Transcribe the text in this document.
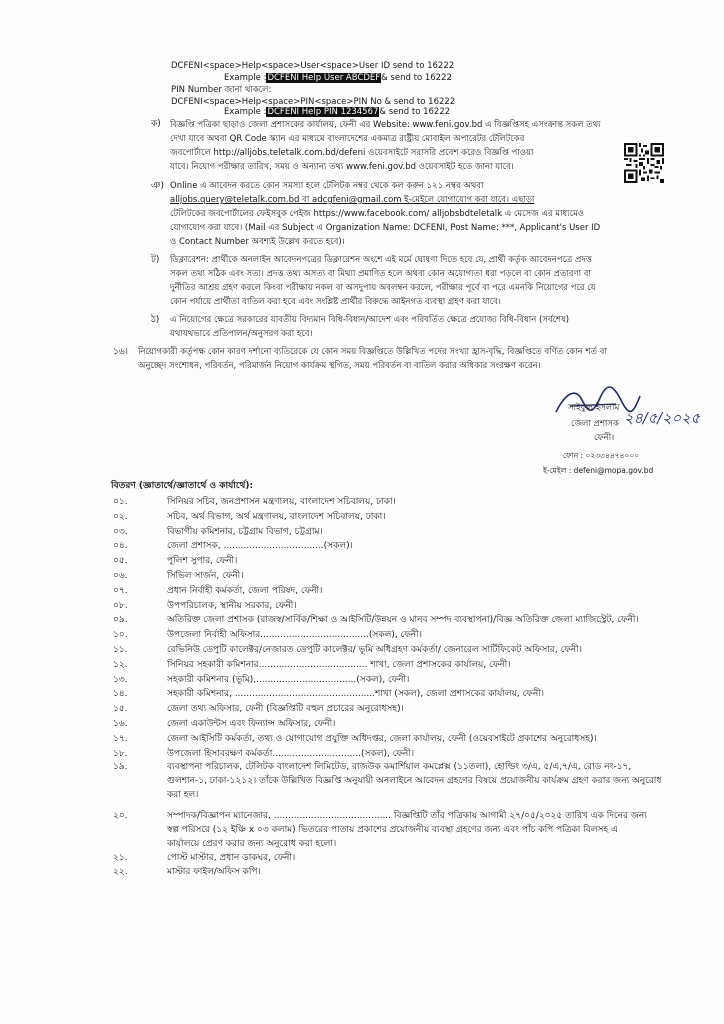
DCFENI<space>Help<space>User<space>User ID send to 16222
Example :DCFENI Help User ABCDEF& send to 16222
PIN Number জানা থাকলে:
DCFENI<space>Help<space>PIN<space>PIN No & send to 16222
Example :DCFENI Help PIN 1234567& send to 16222
ক) বিজ্ঞপ্তি পত্রিকা ছাড়াও জেলা প্রশাসকের কার্যালয়, ফেনী এর Website: www.feni.gov.bd এ বিজ্ঞপ্তিসহ এসংক্রান্ত সকল তথ্য
দেখা যাবে অথবা QR Code স্ক্যান এর মাধ্যমে বাংলাদেশের একমাত্র রাষ্ট্রীয় মোবাইল অপারেটর টেলিটকের
জবপোর্টালে http://alljobs.teletalk.com.bd/defeni ওয়েবসাইটে সরাসরি প্রবেশ করেও বিজ্ঞপ্তি পাওয়া
যাবে। নিয়োগ পরীক্ষার তারিখ, সময় ও অন্যান্য তথ্য www.feni.gov.bd ওয়েবসাইট হতে জানা যাবে।
ঞ) Online এ আবেদন করতে কোন সমস্যা হলে টেলিটক নম্বর থেকে কল করুন ১২১ নম্বর অথবা
alljobs.query@teletalk.com.bd বা adcgfeni@gmail.com ই-মেইলে যোগাযোগ করা যাবে। এছাড়া
টেলিটকের জবপোর্টালের ফেইসবুক পেইজ https://www.facebook.com/ alljobsbdteletalk এ মেসেজ এর মাধ্যমেও
যোগাযোগ করা যাবে। (Mail এর Subject এ Organization Name: DCFENI, Post Name: ***, Applicant's User ID
ও Contact Number অবশ্যই উল্লেখ করতে হবে)।
ট) ডিক্লারেশন: প্রার্থীকে অনলাইন আবেদনপত্রের ডিক্লারেশন অংশে এই মর্মে ঘোষণা দিতে হবে যে, প্রার্থী কর্তৃক আবেদনপত্রে প্রদত্ত
সকল তথ্য সঠিক এবং সত্য। প্রদত্ত তথ্য অসত্য বা মিথ্যা প্রমাণিত হলে অথবা কোন অযোগ্যতা ধরা পড়লে বা কোন প্রতারণা বা
দুর্নীতির আশ্রয় গ্রহণ করলে কিংবা পরীক্ষায় নকল বা অসদুপায় অবলম্বন করলে, পরীক্ষার পূর্বে বা পরে এমনকি নিয়োগের পরে যে
কোন পর্যায়ে প্রার্থীতা বাতিল করা হবে এবং সংশ্লিষ্ট প্রার্থীর বিরুদ্ধে আইনগত ব্যবস্থা গ্রহণ করা যাবে।
ঠ) এ নিয়োগের ক্ষেত্রে সরকারের যাবতীয় বিদ্যমান বিধি-বিধান/আদেশ এবং পরিবর্তিত ক্ষেত্রে প্রযোজ্য বিধি-বিধান (সর্বশেষ)
যথাযথভাবে প্রতিপালন/অনুসরণ করা হবে।
১৬। নিয়োগকারী কর্তৃপক্ষ কোন কারণ দর্শানো ব্যতিরেকে যে কোন সময় বিজ্ঞপ্তিতে উল্লিখিত পদের সংখ্যা হ্রাস-বৃদ্ধি, বিজ্ঞপ্তিতে বর্ণিত কোন শর্ত বা
অনুচ্ছেদ সংশোধন, পরিবর্তন, পরিমার্জন নিয়োগ কার্যক্রম স্থগিত, সময় পরিবর্তন বা বাতিল করার অধিকার সংরক্ষণ করেন।
সাইফুল ইসলাম
২৪/৫/২০২৫
জেলা প্রশাসক
ফেনী।
ফোন : ০২৩৩৪৪৭৪০০০
ই-মেইল : defeni@mopa.gov.bd
বিতরণ (জ্ঞাতার্থে/জ্ঞাতার্থে ও কার্যার্থে):
০১.	সিনিয়র সচিব, জনপ্রশাসন মন্ত্রণালয়, বাংলাদেশ সচিবালয়, ঢাকা।
০২.	সচিব, অর্থ বিভাগ, অর্থ মন্ত্রণালয়, বাংলাদেশ সচিবালয়, ঢাকা।
০৩.	বিভাগীয় কমিশনার, চট্টগ্রাম বিভাগ, চট্টগ্রাম।
০৪.	জেলা প্রশাসক, ...................................(সকল)।
০৫.	পুলিশ সুপার, ফেনী।
০৬.	সিভিল সার্জন, ফেনী।
০৭.	প্রধান নির্বাহী কর্মকর্তা, জেলা পরিষদ, ফেনী।
০৮.	উপপরিচালক, স্থানীয় সরকার, ফেনী।
০৯.	অতিরিক্ত জেলা প্রশাসক (রাজস্ব/সার্বিক/শিক্ষা ও আইসিটি/উন্নয়ন ও মানব সম্পদ ব্যবস্থাপনা)/বিজ্ঞ অতিরিক্ত জেলা ম্যাজিস্ট্রেট, ফেনী।
১০.	উপজেলা নির্বাহী অফিসার......................................(সকল), ফেনী।
১১.	রেভিনিউ ডেপুটি কালেক্টর/নেজারত ডেপুটি কালেক্টর/ ভূমি অধিগ্রহণ কর্মকর্তা/ জেনারেল সার্টিফিকেট অফিসার, ফেনী।
১২.	সিনিয়র সহকারী কমিশনার...................................... শাখা, জেলা প্রশাসকের কার্যালয়, ফেনী।
১৩.	সহকারী কমিশনার (ভূমি),...................................(সকল), ফেনী।
১৪.	সহকারী কমিশনার, .................................................শাখা (সকল), জেলা প্রশাসকের কার্যালয়, ফেনী।
১৫.	জেলা তথ্য অফিসার, ফেনী (বিজ্ঞপ্তিটি বহুল প্রচারের অনুরোধসহ)।
১৬.	জেলা একাউন্টস এবং ফিন্যান্স অফিসার, ফেনী।
১৭.	জেলা আইসিটি কর্মকর্তা, তথ্য ও যোগাযোগ প্রযুক্তি অধিদপ্তর, জেলা কার্যালয়, ফেনী (ওয়েবসাইটে প্রকাশের অনুরোধসহ)।
১৮.	উপজেলা হিসাবরক্ষণ কর্মকর্তা...............................(সকল), ফেনী।
১৯.	ব্যবস্থাপনা পরিচালক, টেলিটক বাংলাদেশ লিমিটেড, রাজউক কমার্শিয়াল কমপ্লেক্স (১১তলা), হোল্ডিং ৩/এ, ৫/এ,৭/এ, রোড নং-১৭,
গুলশান-১, ঢাকা-১২১২। তাঁকে উল্লিখিত বিজ্ঞপ্তি অনুযায়ী অনলাইনে আবেদন গ্রহণের বিষয়ে প্রয়োজনীয় কার্যক্রম গ্রহণ করার জন্য অনুরোধ
করা হল।
২০.	সম্পাদক/বিজ্ঞাপন ম্যানেজার, ......................................... বিজ্ঞপ্তিটি তাঁর পত্রিকায় আগামী ২৭/০৫/২০২৫ তারিখ এক দিনের জন্য
স্বল্প পরিসরে (১২ ইঞ্চি x ০৩ কলাম) ভিতরের পাতায় প্রকাশের প্রয়োজনীয় ব্যবস্থা গ্রহণের জন্য এবং পাঁচ কপি পত্রিকা বিলসহ এ
কার্যালয়ে প্রেরণ করার জন্য অনুরোধ করা হলো।
২১.	পোস্ট মাস্টার, প্রধান ডাকঘর, ফেনী।
২২.	মাস্টার ফাইল/অফিস কপি।
